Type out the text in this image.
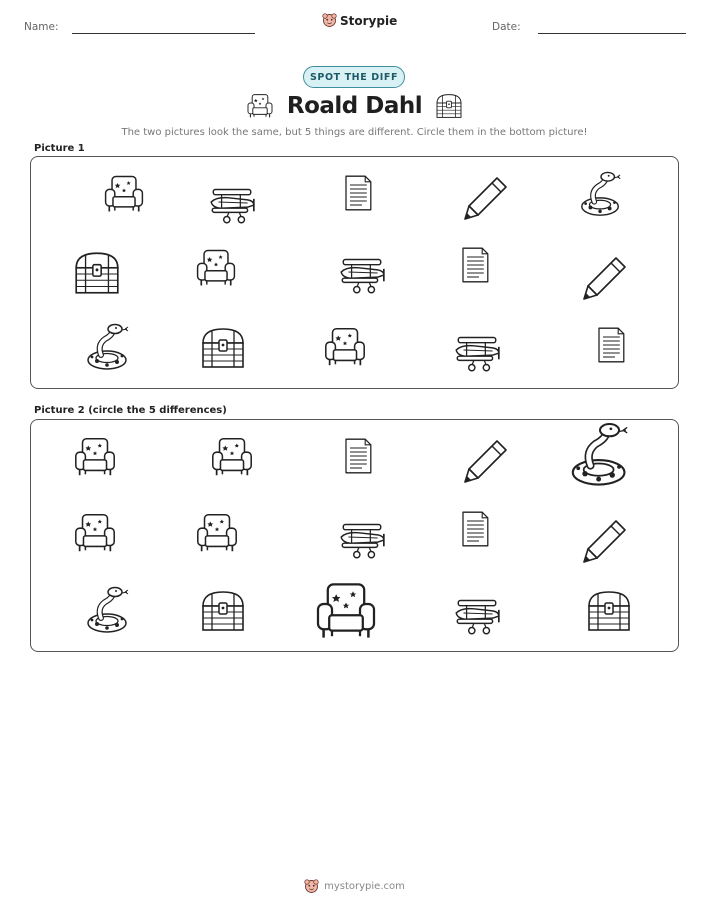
Name:	Storypie	Date:
SPOT THE DIFF
Roald Dahl
The two pictures look the same, but 5 things are different. Circle them in the bottom picture!
Picture 1
Picture 2 (circle the 5 differences)
mystorypie.com
